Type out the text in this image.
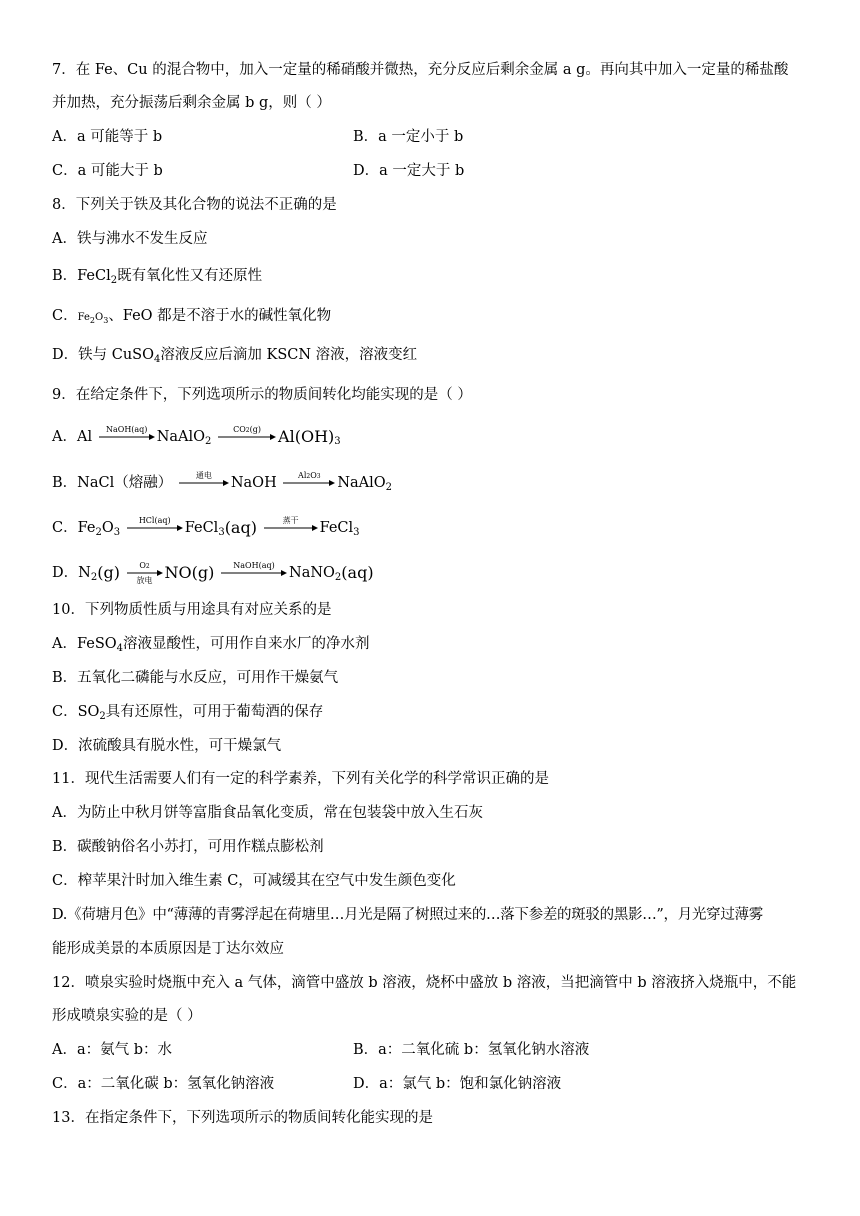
7．在 Fe、Cu 的混合物中，加入一定量的稀硝酸并微热，充分反应后剩余金属 a g。再向其中加入一定量的稀盐酸
并加热，充分振荡后剩余金属 b g，则（ ）
A．a 可能等于 b	B．a 一定小于 b
C．a 可能大于 b	D．a 一定大于 b
8．下列关于铁及其化合物的说法不正确的是
A．铁与沸水不发生反应
B．FeCl$_2$既有氧化性又有还原性
C．$Fe_2O_3$、FeO 都是不溶于水的碱性氧化物
D．铁与 CuSO$_4$溶液反应后滴加 KSCN 溶液，溶液变红
9．在给定条件下，下列选项所示的物质间转化均能实现的是（ ）
A．Al	NaOH(aq) NaAlO$_2$
CO2(g)	$Al(OH)_3$
B．NaCl（熔融）	通电	NaOH	Al2O3	NaAlO$_2$
C．$Fe_2O_3$
HCl(aq) FeCl$_3$(aq)	蒸干	FeCl$_3$
D．$N_2(g)$	O2
放电 NO(g)	NaOH(aq) NaNO$_2$(aq)
10．下列物质性质与用途具有对应关系的是
A．FeSO$_4$溶液显酸性，可用作自来水厂的净水剂
B．五氧化二磷能与水反应，可用作干燥氨气
C．$SO_2$具有还原性，可用于葡萄酒的保存
D．浓硫酸具有脱水性，可干燥氯气
11．现代生活需要人们有一定的科学素养，下列有关化学的科学常识正确的是
A．为防止中秋月饼等富脂食品氧化变质，常在包装袋中放入生石灰
B．碳酸钠俗名小苏打，可用作糕点膨松剂
C．榨苹果汁时加入维生素 C，可减缓其在空气中发生颜色变化
D.《荷塘月色》中“薄薄的青雾浮起在荷塘里…月光是隔了树照过来的…落下参差的斑驳的黑影…”，月光穿过薄雾
能形成美景的本质原因是丁达尔效应
12．喷泉实验时烧瓶中充入 a 气体，滴管中盛放 b 溶液，烧杯中盛放 b 溶液，当把滴管中 b 溶液挤入烧瓶中，不能
形成喷泉实验的是（ ）
A．a：氨气 b：水	B．a：二氧化硫 b：氢氧化钠水溶液
C．a：二氧化碳 b：氢氧化钠溶液	D．a：氯气 b：饱和氯化钠溶液
13．在指定条件下，下列选项所示的物质间转化能实现的是
